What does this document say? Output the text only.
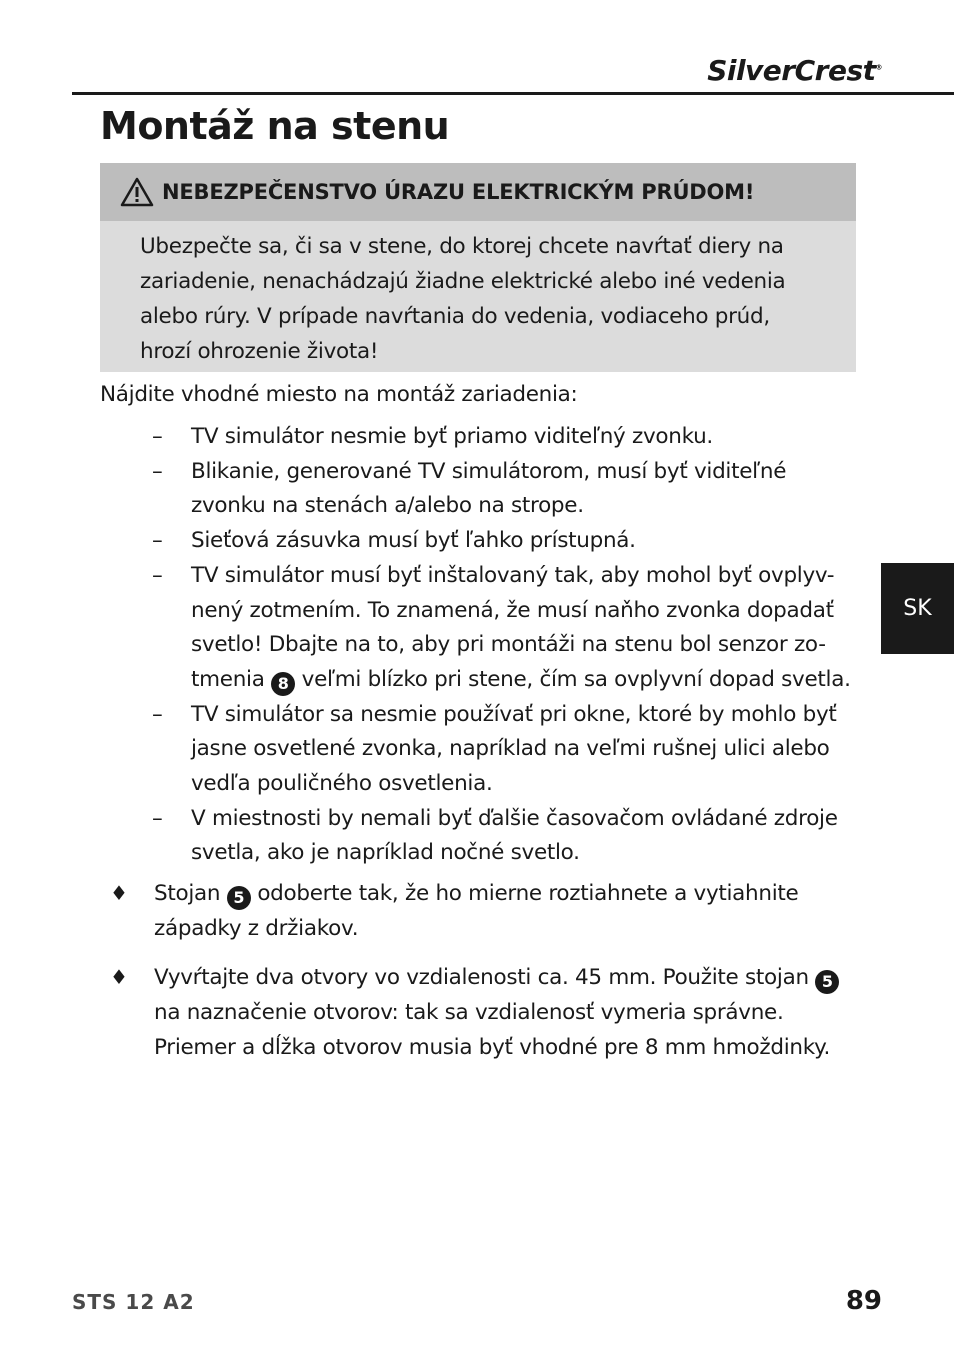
SilverCrest®
Montáž na stenu
NEBEZPEČENSTVO ÚRAZU ELEKTRICKÝM PRÚDOM!
Ubezpečte sa, či sa v stene, do ktorej chcete navŕtať diery na
zariadenie, nenachádzajú žiadne elektrické alebo iné vedenia
alebo rúry. V prípade navŕtania do vedenia, vodiaceho prúd,
hrozí ohrozenie života!
Nájdite vhodné miesto na montáž zariadenia:
–	TV simulátor nesmie byť priamo viditeľný zvonku.
–	Blikanie, generované TV simulátorom, musí byť viditeľné
zvonku na stenách a/alebo na strope.
–	Sieťová zásuvka musí byť ľahko prístupná.
–	TV simulátor musí byť inštalovaný tak, aby mohol byť ovplyv-
nený zotmením. To znamená, že musí naňho zvonka dopadať
svetlo! Dbajte na to, aby pri montáži na stenu bol senzor zo-
tmenia 8 veľmi blízko pri stene, čím sa ovplyvní dopad svetla.
–	TV simulátor sa nesmie používať pri okne, ktoré by mohlo byť
jasne osvetlené zvonka, napríklad na veľmi rušnej ulici alebo
vedľa pouličného osvetlenia.
–	V miestnosti by nemali byť ďalšie časovačom ovládané zdroje
svetla, ako je napríklad nočné svetlo.
♦	Stojan 5 odoberte tak, že ho mierne roztiahnete a vytiahnite
západky z držiakov.
♦	Vyvŕtajte dva otvory vo vzdialenosti ca. 45 mm. Použite stojan 5
na naznačenie otvorov: tak sa vzdialenosť vymeria správne.
Priemer a dĺžka otvorov musia byť vhodné pre 8 mm hmoždinky.
SK
STS 12 A2	89
